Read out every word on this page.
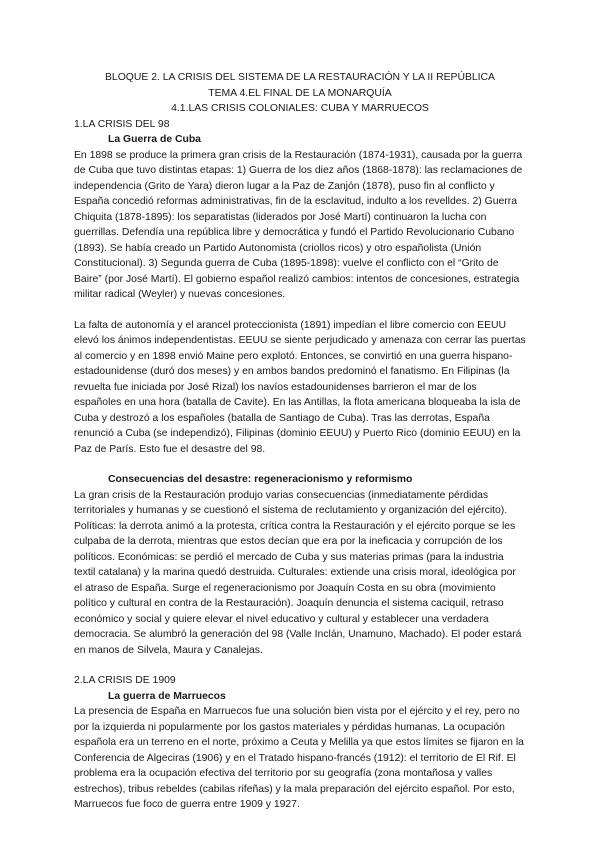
BLOQUE 2. LA CRISIS DEL SISTEMA DE LA RESTAURACIÓN Y LA II REPÚBLICA

TEMA 4.EL FINAL DE LA MONARQUÍA

4.1.LAS CRISIS COLONIALES: CUBA Y MARRUECOS

1.LA CRISIS DEL 98

La Guerra de Cuba

En 1898 se produce la primera gran crisis de la Restauración (1874-1931), causada por la guerra de Cuba que tuvo distintas etapas: 1) Guerra de los diez años (1868-1878): las reclamaciones de independencia (Grito de Yara) dieron lugar a la Paz de Zanjón (1878), puso fin al conflicto y España concedió reformas administrativas, fin de la esclavitud, indulto a los revelldes. 2) Guerra Chiquita (1878-1895): los separatistas (liderados por José Martí) continuaron la lucha con guerrillas. Defendía una república libre y democrática y fundó el Partido Revolucionario Cubano (1893). Se había creado un Partido Autonomista (criollos ricos) y otro españolista (Unión Constitucional). 3) Segunda guerra de Cuba (1895-1898): vuelve el conflicto con el “Grito de Baire” (por José Martí). El gobierno español realizó cambios: intentos de concesiones, estrategia militar radical (Weyler) y nuevas concesiones.

La falta de autonomía y el arancel proteccionista (1891) impedían el libre comercio con EEUU elevó los ánimos independentistas. EEUU se siente perjudicado y amenaza con cerrar las puertas al comercio y en 1898 envió Maine pero explotó. Entonces, se convirtió en una guerra hispano-estadounidense (duró dos meses) y en ambos bandos predominó el fanatismo. En Filipinas (la revuelta fue iniciada por José Rizal) los navíos estadounidenses barrieron el mar de los españoles en una hora (batalla de Cavite). En las Antillas, la flota americana bloqueaba la isla de Cuba y destrozó a los españoles (batalla de Santiago de Cuba). Tras las derrotas, España renunció a Cuba (se independizó), Filipinas (dominio EEUU) y Puerto Rico (dominio EEUU) en la Paz de París. Esto fue el desastre del 98.

Consecuencias del desastre: regeneracionismo y reformismo

La gran crisis de la Restauración produjo varias consecuencias (inmediatamente pérdidas territoriales y humanas y se cuestionó el sistema de reclutamiento y organización del ejército). Políticas: la derrota animó a la protesta, crítica contra la Restauración y el ejército porque se les culpaba de la derrota, mientras que estos decían que era por la ineficacia y corrupción de los políticos. Económicas: se perdió el mercado de Cuba y sus materias primas (para la industria textil catalana) y la marina quedó destruida. Culturales: extiende una crisis moral, ideológica por el atraso de España. Surge el regeneracionismo por Joaquín Costa en su obra (movimiento político y cultural en contra de la Restauración). Joaquín denuncia el sistema caciquil, retraso económico y social y quiere elevar el nivel educativo y cultural y establecer una verdadera democracia. Se alumbró la generación del 98 (Valle Inclán, Unamuno, Machado). El poder estará en manos de Silvela, Maura y Canalejas.

2.LA CRISIS DE 1909

La guerra de Marruecos

La presencia de España en Marruecos fue una solución bien vista por el ejército y el rey, pero no por la izquierda ni popularmente por los gastos materiales y pérdidas humanas. La ocupación española era un terreno en el norte, próximo a Ceuta y Melilla ya que estos límites se fijaron en la Conferencia de Algeciras (1906) y en el Tratado hispano-francés (1912): el territorio de El Rif. El problema era la ocupación efectiva del territorio por su geografía (zona montañosa y valles estrechos), tribus rebeldes (cabilas rifeñas) y la mala preparación del ejército español. Por esto, Marruecos fue foco de guerra entre 1909 y 1927.
